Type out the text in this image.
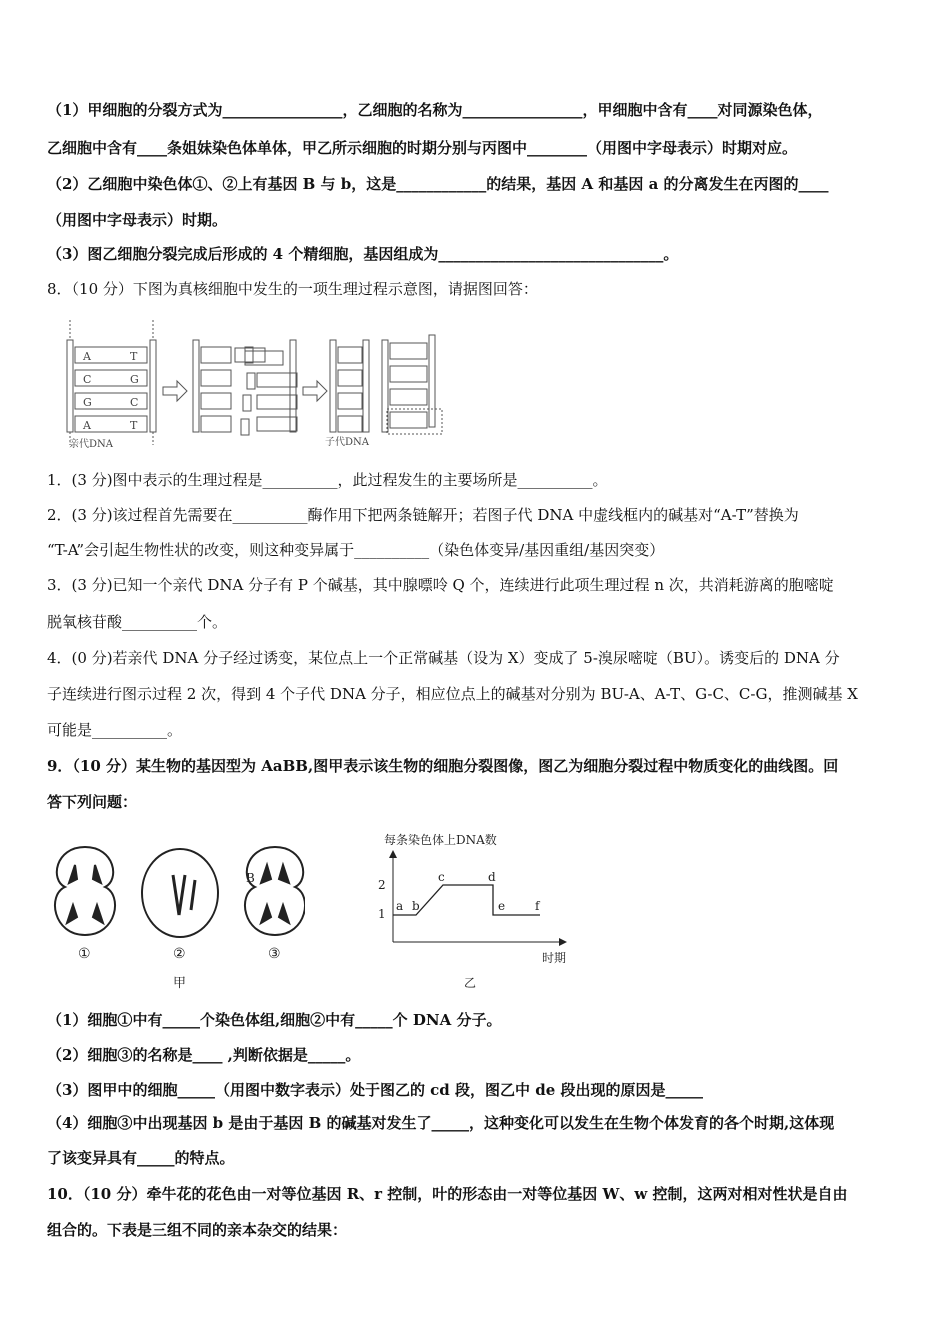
（1）甲细胞的分裂方式为________________，乙细胞的名称为________________，甲细胞中含有____对同源染色体，
乙细胞中含有____条姐妹染色体单体，甲乙所示细胞的时期分别与丙图中________（用图中字母表示）时期对应。
（2）乙细胞中染色体①、②上有基因 B 与 b，这是____________的结果，基因 A 和基因 a 的分离发生在丙图的____
（用图中字母表示）时期。
（3）图乙细胞分裂完成后形成的 4 个精细胞，基因组成为______________________________。
8．（10 分）下图为真核细胞中发生的一项生理过程示意图，请据图回答：
A	T
C	G
G	C
A	T
亲代DNA	子代DNA
1．(3 分)图中表示的生理过程是__________，此过程发生的主要场所是__________。
2．(3 分)该过程首先需要在__________酶作用下把两条链解开；若图子代 DNA 中虚线框内的碱基对“A-T”替换为
“T-A”会引起生物性状的改变，则这种变异属于__________（染色体变异/基因重组/基因突变）
3．(3 分)已知一个亲代 DNA 分子有 P 个碱基，其中腺嘌呤 Q 个，连续进行此项生理过程 n 次，共消耗游离的胞嘧啶
脱氧核苷酸__________个。
4．(0 分)若亲代 DNA 分子经过诱变，某位点上一个正常碱基（设为 X）变成了 5-溴尿嘧啶（BU）。诱变后的 DNA 分
子连续进行图示过程 2 次，得到 4 个子代 DNA 分子，相应位点上的碱基对分别为 BU-A、A-T、G-C、C-G，推测碱基 X
可能是__________。
9．（10 分）某生物的基因型为 AaBB,图甲表示该生物的细胞分裂图像，图乙为细胞分裂过程中物质变化的曲线图。回
答下列问题：
B
①	②	③
甲
每条染色体上DNA数
1
2
a b
c	d
e f
时期
乙
（1）细胞①中有_____个染色体组,细胞②中有_____个 DNA 分子。
（2）细胞③的名称是____ ,判断依据是_____。
（3）图甲中的细胞_____（用图中数字表示）处于图乙的 cd 段，图乙中 de 段出现的原因是_____
（4）细胞③中出现基因 b 是由于基因 B 的碱基对发生了_____，这种变化可以发生在生物个体发育的各个时期,这体现
了该变异具有_____的特点。
10．（10 分）牵牛花的花色由一对等位基因 R、r 控制，叶的形态由一对等位基因 W、w 控制，这两对相对性状是自由
组合的。下表是三组不同的亲本杂交的结果：
